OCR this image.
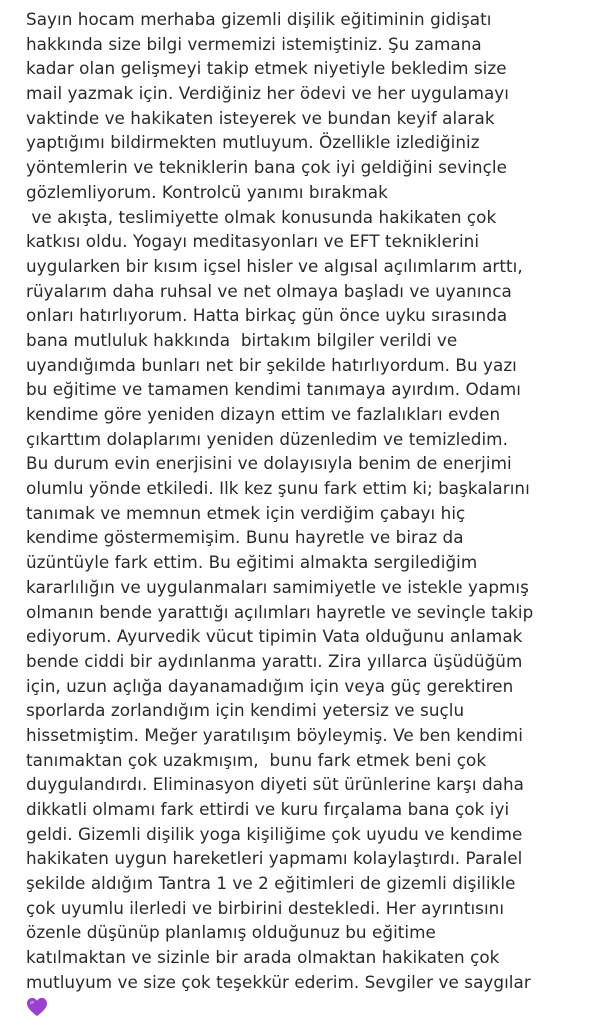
Sayın hocam merhaba gizemli dişilik eğitiminin gidişatı
hakkında size bilgi vermemizi istemiştiniz. Şu zamana
kadar olan gelişmeyi takip etmek niyetiyle bekledim size
mail yazmak için. Verdiğiniz her ödevi ve her uygulamayı
vaktinde ve hakikaten isteyerek ve bundan keyif alarak
yaptığımı bildirmekten mutluyum. Özellikle izlediğiniz
yöntemlerin ve tekniklerin bana çok iyi geldiğini sevinçle
gözlemliyorum. Kontrolcü yanımı bırakmak
ve akışta, teslimiyette olmak konusunda hakikaten çok
katkısı oldu. Yogayı meditasyonları ve EFT tekniklerini
uygularken bir kısım içsel hisler ve algısal açılımlarım arttı,
rüyalarım daha ruhsal ve net olmaya başladı ve uyanınca
onları hatırlıyorum. Hatta birkaç gün önce uyku sırasında
bana mutluluk hakkında  birtakım bilgiler verildi ve
uyandığımda bunları net bir şekilde hatırlıyordum. Bu yazı
bu eğitime ve tamamen kendimi tanımaya ayırdım. Odamı
kendime göre yeniden dizayn ettim ve fazlalıkları evden
çıkarttım dolaplarımı yeniden düzenledim ve temizledim.
Bu durum evin enerjisini ve dolayısıyla benim de enerjimi
olumlu yönde etkiledi. Ilk kez şunu fark ettim ki; başkalarını
tanımak ve memnun etmek için verdiğim çabayı hiç
kendime göstermemişim. Bunu hayretle ve biraz da
üzüntüyle fark ettim. Bu eğitimi almakta sergilediğim
kararlılığın ve uygulanmaları samimiyetle ve istekle yapmış
olmanın bende yarattığı açılımları hayretle ve sevinçle takip
ediyorum. Ayurvedik vücut tipimin Vata olduğunu anlamak
bende ciddi bir aydınlanma yarattı. Zira yıllarca üşüdüğüm
için, uzun açlığa dayanamadığım için veya güç gerektiren
sporlarda zorlandığım için kendimi yetersiz ve suçlu
hissetmiştim. Meğer yaratılışım böyleymiş. Ve ben kendimi
tanımaktan çok uzakmışım,  bunu fark etmek beni çok
duygulandırdı. Eliminasyon diyeti süt ürünlerine karşı daha
dikkatli olmamı fark ettirdi ve kuru fırçalama bana çok iyi
geldi. Gizemli dişilik yoga kişiliğime çok uyudu ve kendime
hakikaten uygun hareketleri yapmamı kolaylaştırdı. Paralel
şekilde aldığım Tantra 1 ve 2 eğitimleri de gizemli dişilikle
çok uyumlu ilerledi ve birbirini destekledi. Her ayrıntısını
özenle düşünüp planlamış olduğunuz bu eğitime
katılmaktan ve sizinle bir arada olmaktan hakikaten çok
mutluyum ve size çok teşekkür ederim. Sevgiler ve saygılar
